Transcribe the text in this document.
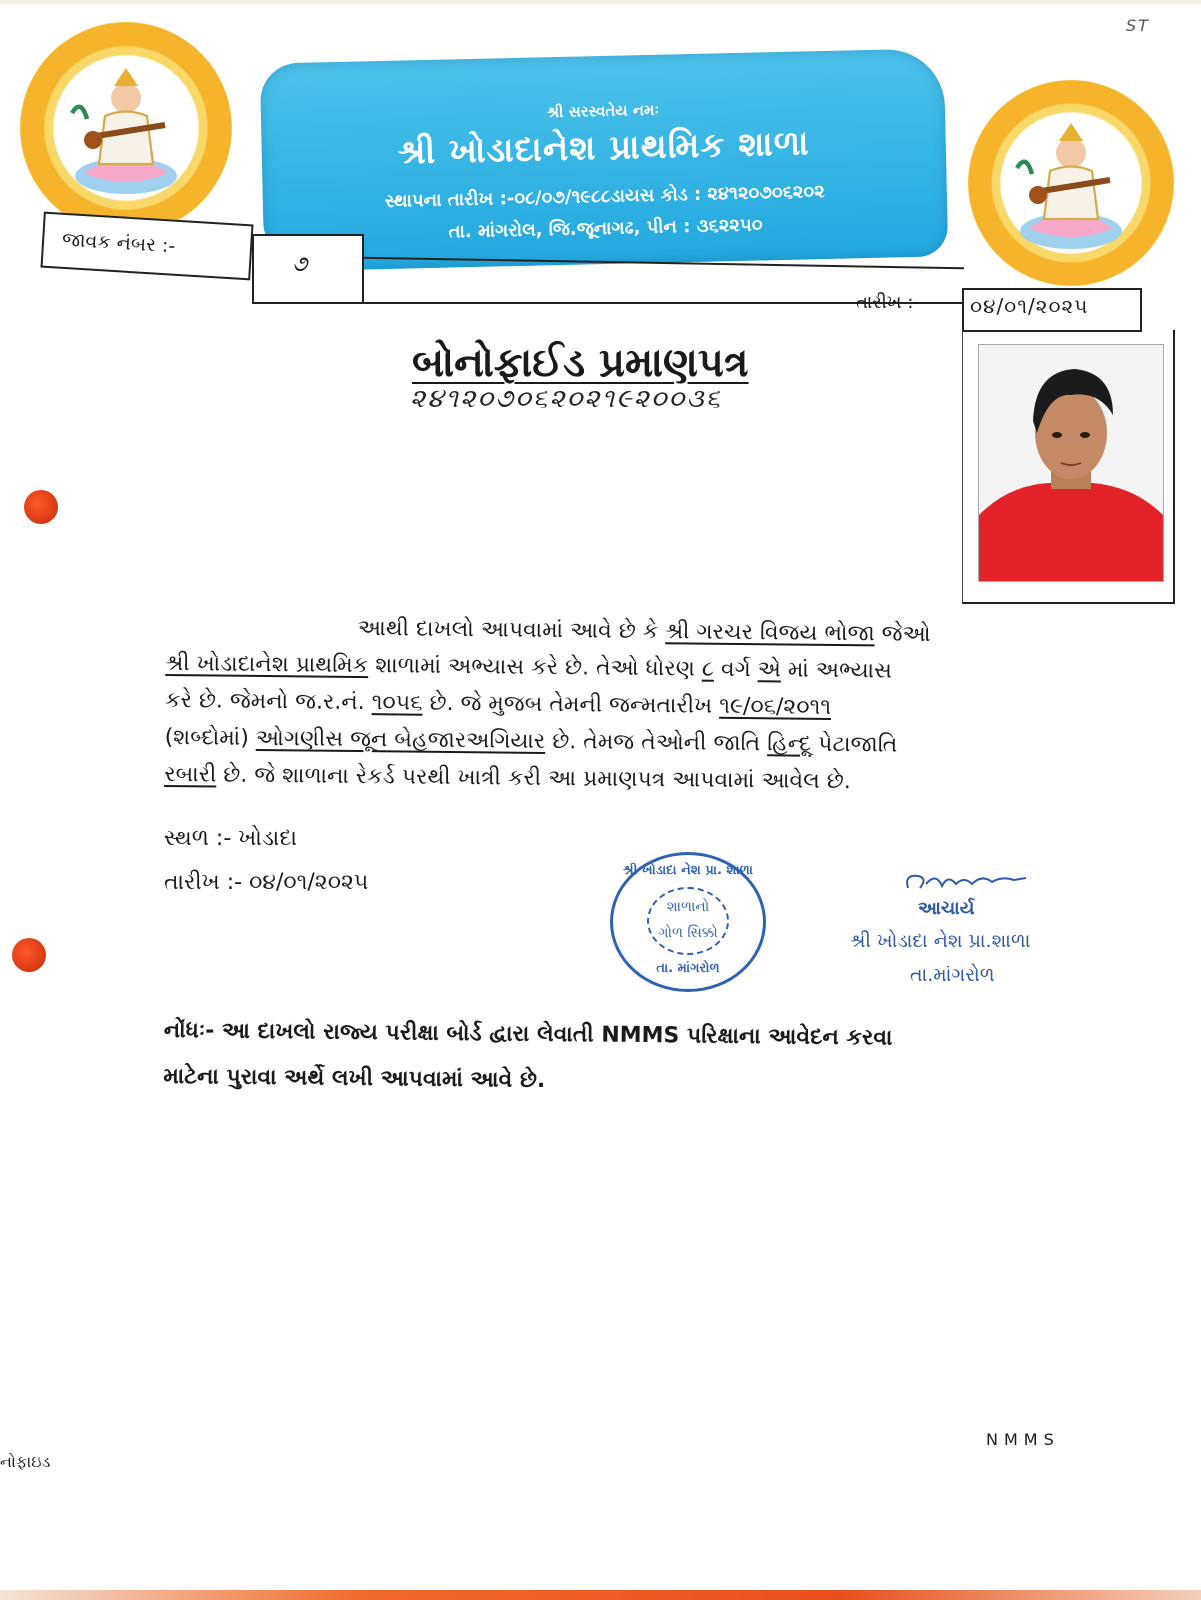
ST
શ્રી સરસ્વતેય નમઃ
શ્રી ખોડાદાનેશ પ્રાથમિક શાળા
સ્થાપના તારીખ :-૦૮/૦૭/૧૯૮૮ડાયસ કોડ : ૨૪૧૨૦૭૦૬૨૦૨
તા. માંગરોલ, જિ.જૂનાગઢ, પીન : ૩૬૨૨૫૦
જાવક નંબર :-
૭
તારીખ :-	૦૪/૦૧/૨૦૨૫
બોનોફાઈડ પ્રમાણપત્ર
૨૪૧૨૦૭૦૬૨૦૨૧૯૨૦૦૩૬

આથી દાખલો આપવામાં આવે છે કે શ્રી ગરચર વિજય ભોજા જેઓ

શ્રી ખોડાદાનેશ પ્રાથમિક શાળામાં અભ્યાસ કરે છે. તેઓ ધોરણ ૮ વર્ગ એ માં અભ્યાસ

કરે છે. જેમનો જ.ર.નં. ૧૦૫૬ છે. જે મુજબ તેમની જન્મતારીખ ૧૯/૦૬/૨૦૧૧

(શબ્દોમાં) ઓગણીસ જૂન બેહજારઅગિયાર છે. તેમજ તેઓની જાતિ હિન્દૂ પેટાજાતિ

રબારી છે. જે શાળાના રેકર્ડ પરથી ખાત્રી કરી આ પ્રમાણપત્ર આપવામાં આવેલ છે.

સ્થળ :- ખોડાદા
તારીખ :- ૦૪/૦૧/૨૦૨૫	શ્રી ખોડાદા નેશ પ્રા. શાળા
શાળાનો
ગોળ સિક્કો
તા. માંગરોળ
આચાર્ય
શ્રી ખોડાદા નેશ પ્રા.શાળા
તા.માંગરોળ
નોંધઃ- આ દાખલો રાજ્ય પરીક્ષા બોર્ડ દ્વારા લેવાતી NMMS પરિક્ષાના આવેદન કરવા
માટેના પુરાવા અર્થે લખી આપવામાં આવે છે.
NMMS
નોફાઇડ
